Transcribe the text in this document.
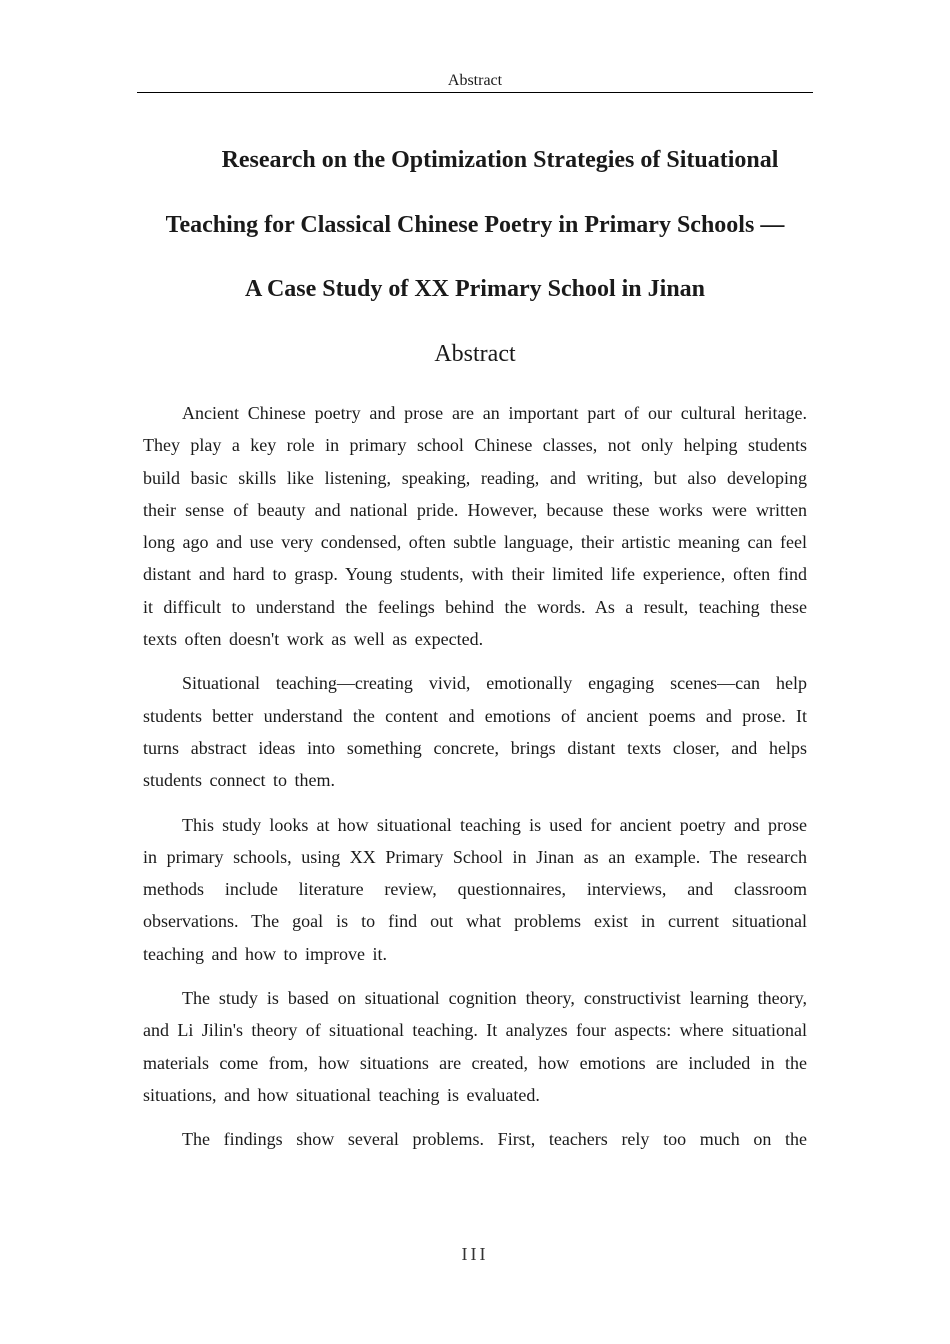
Abstract
Research on the Optimization Strategies of Situational
Teaching for Classical Chinese Poetry in Primary Schools —
A Case Study of XX Primary School in Jinan
Abstract

Ancient Chinese poetry and prose are an important part of our cultural heritage. They play a key role in primary school Chinese classes, not only helping students build basic skills like listening, speaking, reading, and writing, but also developing their sense of beauty and national pride. However, because these works were written long ago and use very condensed, often subtle language, their artistic meaning can feel distant and hard to grasp. Young students, with their limited life experience, often find it difficult to understand the feelings behind the words. As a result, teaching these texts often doesn't work as well as expected.

Situational teaching—creating vivid, emotionally engaging scenes—can help students better understand the content and emotions of ancient poems and prose. It turns abstract ideas into something concrete, brings distant texts closer, and helps students connect to them.

This study looks at how situational teaching is used for ancient poetry and prose in primary schools, using XX Primary School in Jinan as an example. The research methods include literature review, questionnaires, interviews, and classroom observations. The goal is to find out what problems exist in current situational teaching and how to improve it.

The study is based on situational cognition theory, constructivist learning theory, and Li Jilin's theory of situational teaching. It analyzes four aspects: where situational materials come from, how situations are created, how emotions are included in the situations, and how situational teaching is evaluated.

The findings show several problems. First, teachers rely too much on the

III
